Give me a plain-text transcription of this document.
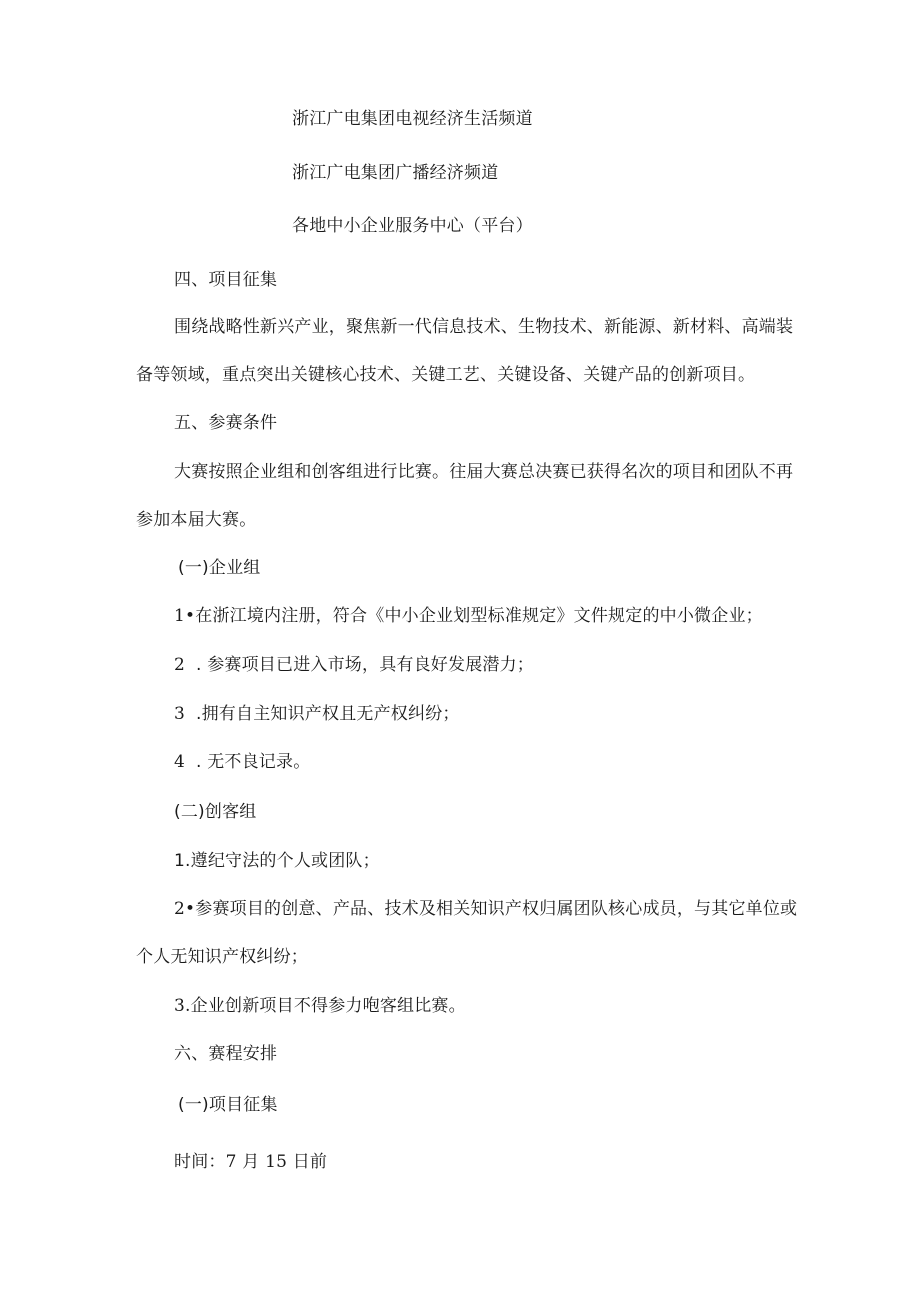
浙江广电集团电视经济生活频道
浙江广电集团广播经济频道
各地中小企业服务中心（平台）
四、项目征集
围绕战略性新兴产业，聚焦新一代信息技术、生物技术、新能源、新材料、高端装
备等领域，重点突出关键核心技术、关键工艺、关键设备、关键产品的创新项目。
五、参赛条件
大赛按照企业组和创客组进行比赛。往届大赛总决赛已获得名次的项目和团队不再
参加本届大赛。
(一)企业组
1•在浙江境内注册，符合《中小企业划型标准规定》文件规定的中小微企业；
2 . 参赛项目已进入市场，具有良好发展潜力；
3 .拥有自主知识产权且无产权纠纷；
4 . 无不良记录。
(二)创客组
1.遵纪守法的个人或团队；
2•参赛项目的创意、产品、技术及相关知识产权归属团队核心成员，与其它单位或
个人无知识产权纠纷；
3.企业创新项目不得参力咆客组比赛。
六、赛程安排
(一)项目征集
时间：7 月 15 日前
